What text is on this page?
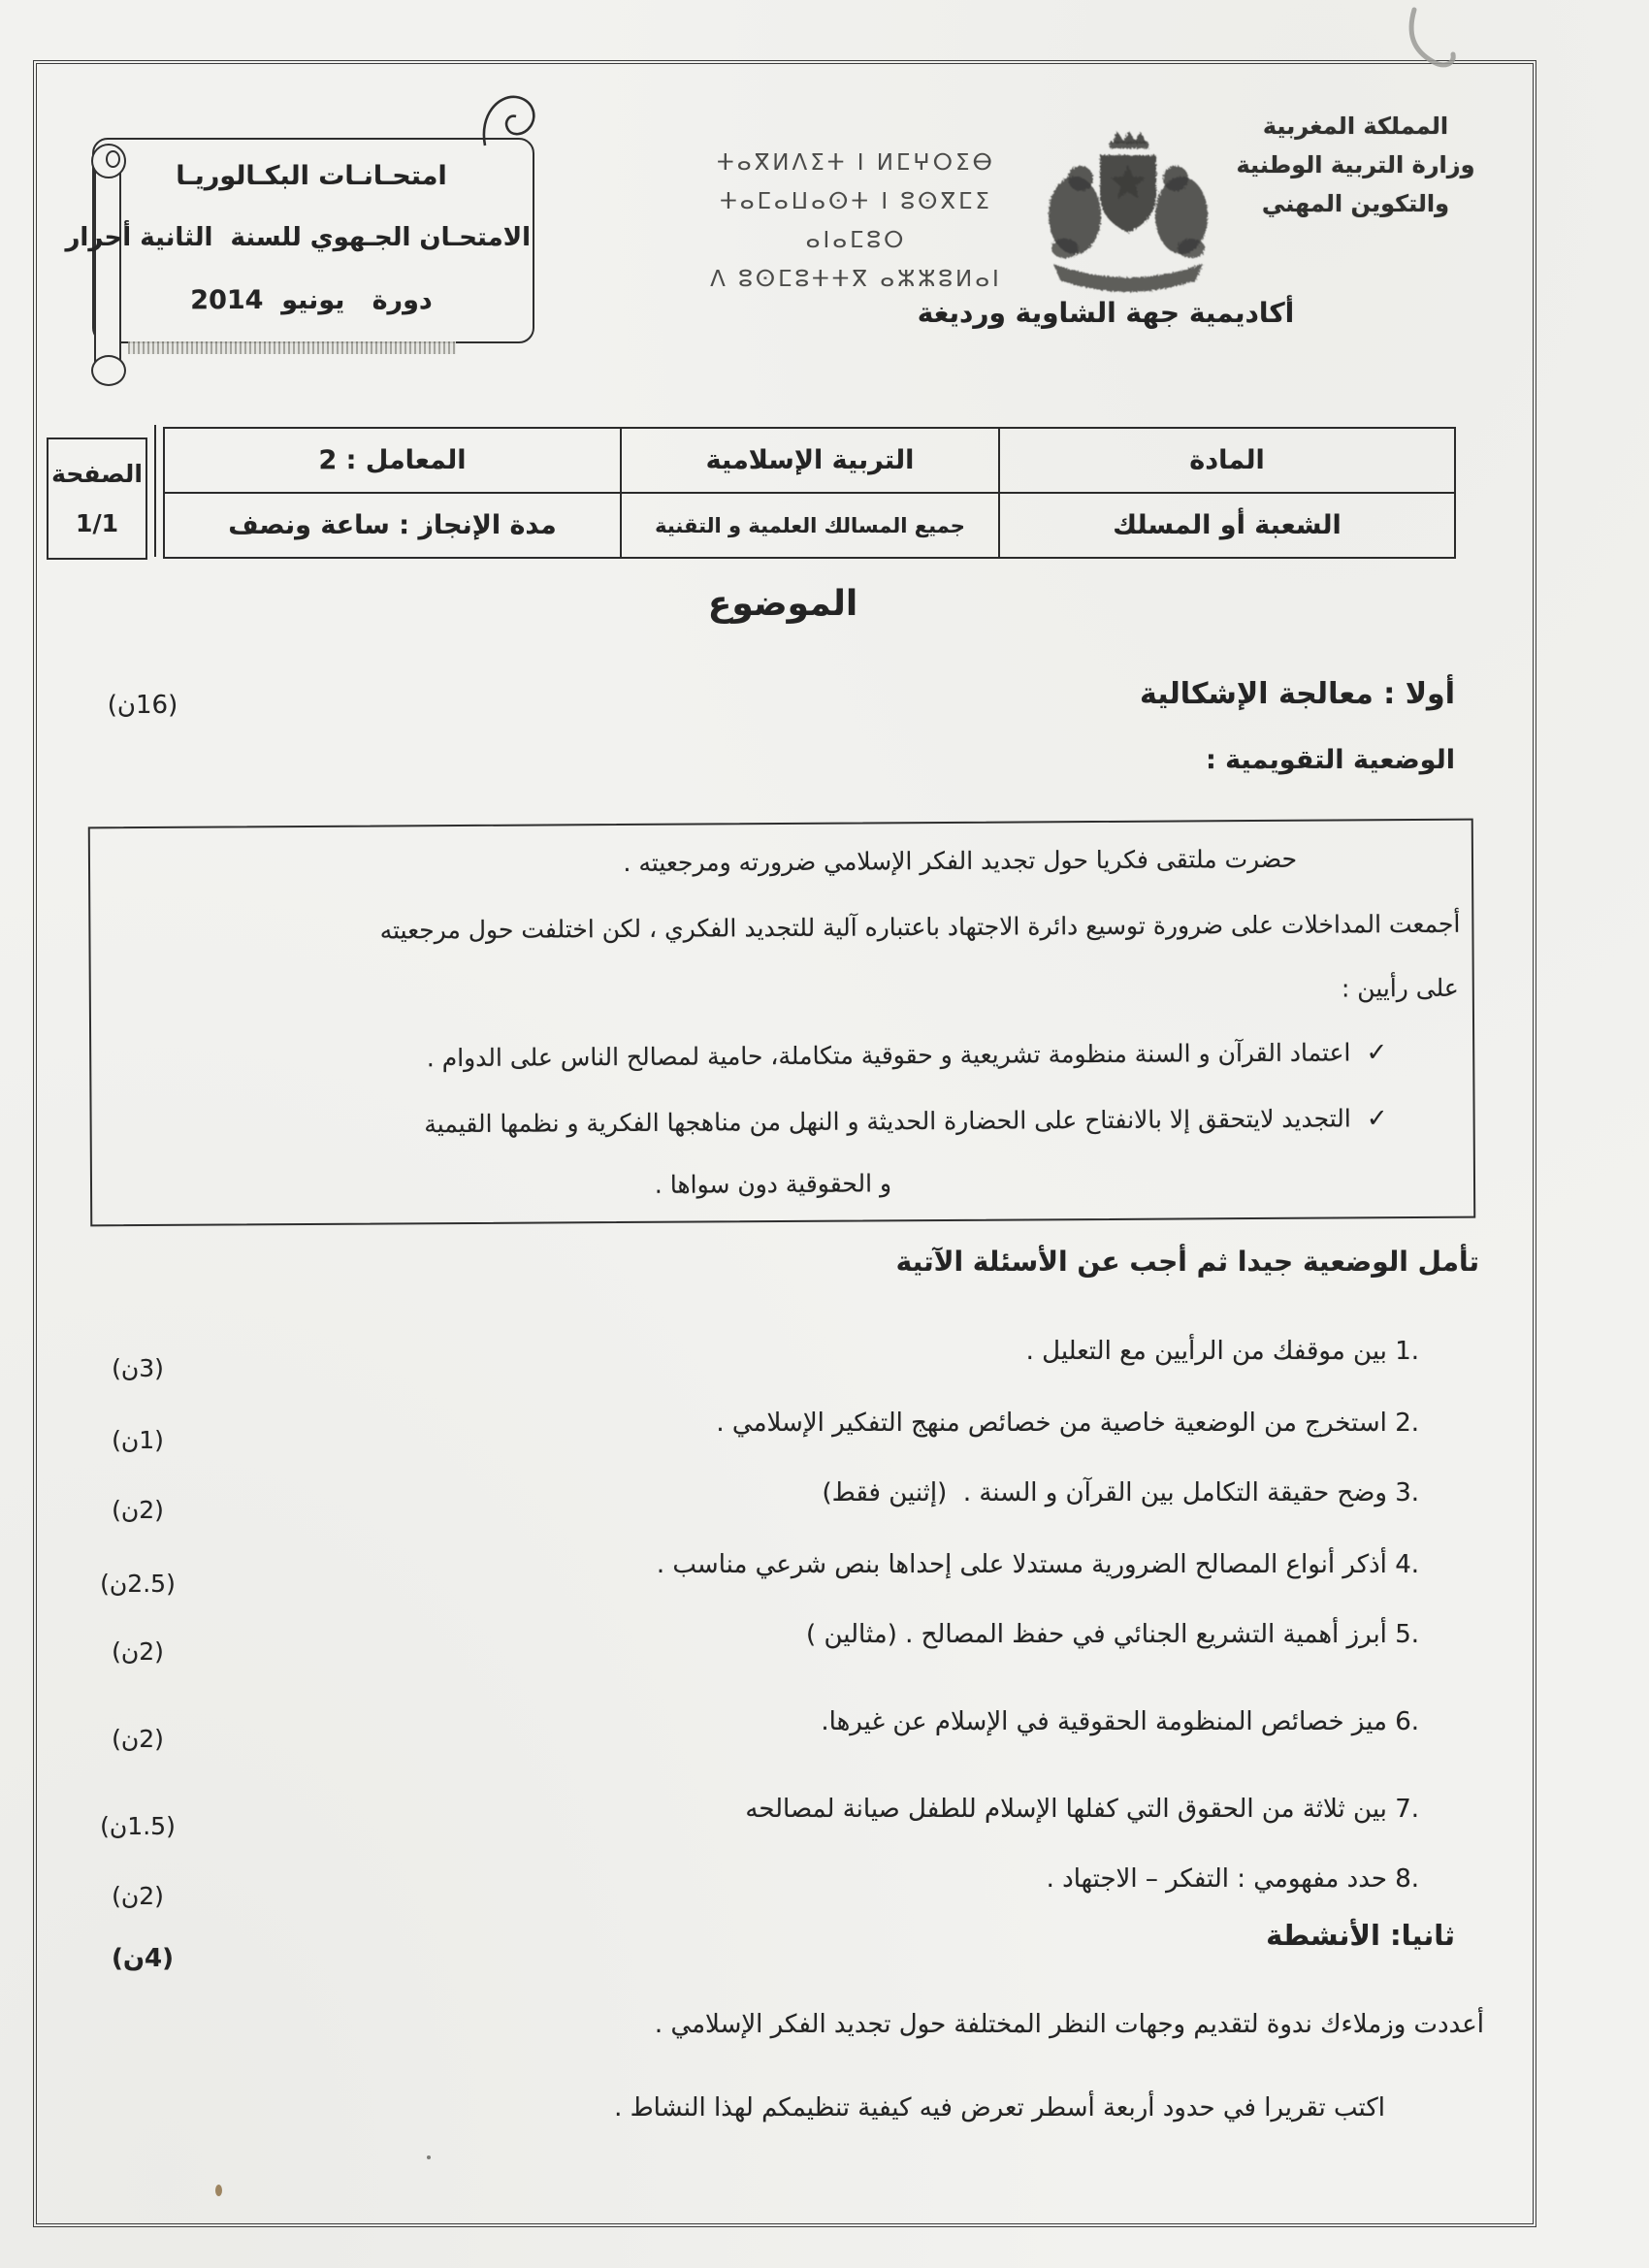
امتحـانـات البكـالوريـا
الامتحـان الجـهوي للسنة  الثانية أحرار
دورة   يونيو  2014
المملكة المغربية
وزارة التربية الوطنية
والتكوين المهني
ⵜⴰⴳⵍⴷⵉⵜ ⵏ ⵍⵎⵖⵔⵉⴱ
ⵜⴰⵎⴰⵡⴰⵙⵜ ⵏ ⵓⵙⴳⵎⵉ ⴰⵏⴰⵎⵓⵔ
ⴷ ⵓⵙⵎⵓⵜⵜⴳ ⴰⵣⵣⵓⵍⴰⵏ
أكاديمية جهة الشاوية ورديغة
الصفحة
1/1
المادة
التربية الإسلامية
المعامل : 2
الشعبة أو المسلك
جميع المسالك العلمية و التقنية
مدة الإنجاز : ساعة ونصف
الموضوع
أولا : معالجة الإشكالية
(16ن)
الوضعية التقويمية :
حضرت ملتقى فكريا حول تجديد الفكر الإسلامي ضرورته ومرجعيته .
أجمعت المداخلات على ضرورة توسيع دائرة الاجتهاد باعتباره آلية للتجديد الفكري ، لكن اختلفت حول مرجعيته
على رأيين :
✓اعتماد القرآن و السنة منظومة تشريعية و حقوقية متكاملة، حامية لمصالح الناس على الدوام .
✓التجديد لايتحقق إلا بالانفتاح على الحضارة الحديثة و النهل من مناهجها الفكرية و نظمها القيمية
و الحقوقية دون سواها .
تأمل الوضعية جيدا ثم أجب عن الأسئلة الآتية
1. بين موقفك من الرأيين مع التعليل .
(3ن)
2. استخرج من الوضعية خاصية من خصائص منهج التفكير الإسلامي .
(1ن)
3. وضح حقيقة التكامل بين القرآن و السنة .  (إثنين فقط)
(2ن)
4. أذكر أنواع المصالح الضرورية مستدلا على إحداها بنص شرعي مناسب .
(2.5ن)
5. أبرز أهمية التشريع الجنائي في حفظ المصالح . (مثالين )
(2ن)
6. ميز خصائص المنظومة الحقوقية في الإسلام عن غيرها.
(2ن)
7. بين ثلاثة من الحقوق التي كفلها الإسلام للطفل صيانة لمصالحه
(1.5ن)
8. حدد مفهومي : التفكر – الاجتهاد .
(2ن)
ثانيا: الأنشطة
(4ن)
أعددت وزملاءك ندوة لتقديم وجهات النظر المختلفة حول تجديد الفكر الإسلامي .
اكتب تقريرا في حدود أربعة أسطر تعرض فيه كيفية تنظيمكم لهذا النشاط .
